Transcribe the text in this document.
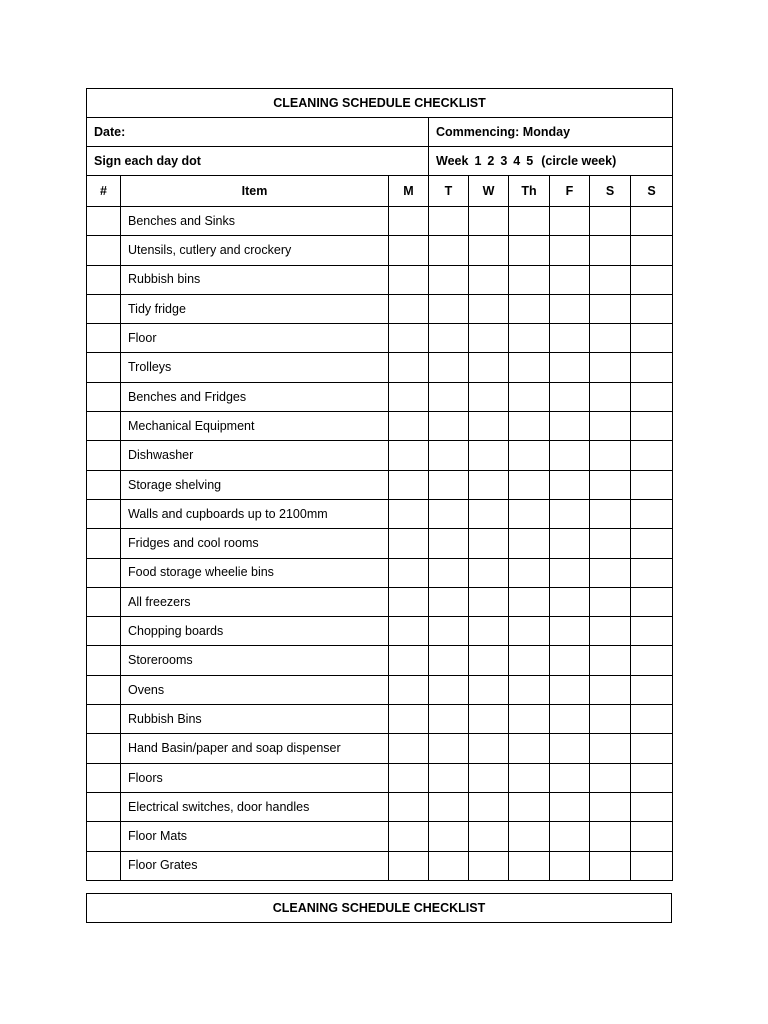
CLEANING SCHEDULE CHECKLIST								
Date:			Commencing: Monday					
Sign each day dot			Week 1 2 3 4 5 (circle week)					
#	Item	M	T	W	Th	F	S	S
	Benches and Sinks							
	Utensils, cutlery and crockery							
	Rubbish bins							
	Tidy fridge							
	Floor							
	Trolleys							
	Benches and Fridges							
	Mechanical Equipment							
	Dishwasher							
	Storage shelving							
	Walls and cupboards up to 2100mm							
	Fridges and cool rooms							
	Food storage wheelie bins							
	All freezers							
	Chopping boards							
	Storerooms							
	Ovens							
	Rubbish Bins							
	Hand Basin/paper and soap dispenser							
	Floors							
	Electrical switches, door handles							
	Floor Mats							
	Floor Grates							
CLEANING SCHEDULE CHECKLIST
